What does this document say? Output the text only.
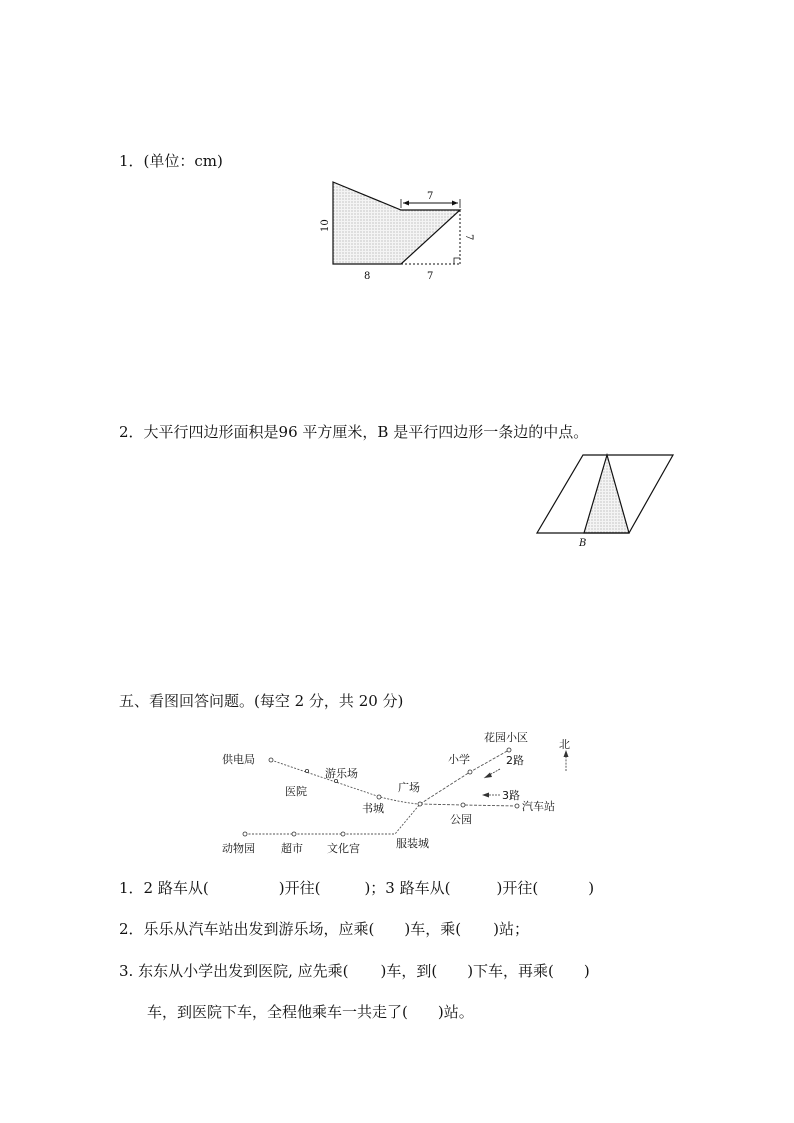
1．(单位：cm)
7
10
7
8	7
B
供电局
游乐场
医院
书城
广场
小学
花园小区
2路
北
3路
汽车站
公园
动物园 超市 文化宫	服装城
2．大平行四边形面积是96 平方厘米，B 是平行四边形一条边的中点。
五、看图回答问题。(每空 2 分，共 20 分)
1．2 路车从(	)开往(	)；3 路车从(	)开往(	)
2．乐乐从汽车站出发到游乐场，应乘( )车，乘( )站；
3. 东东从小学出发到医院, 应先乘( )车，到( )下车，再乘( )
车，到医院下车，全程他乘车一共走了( )站。
